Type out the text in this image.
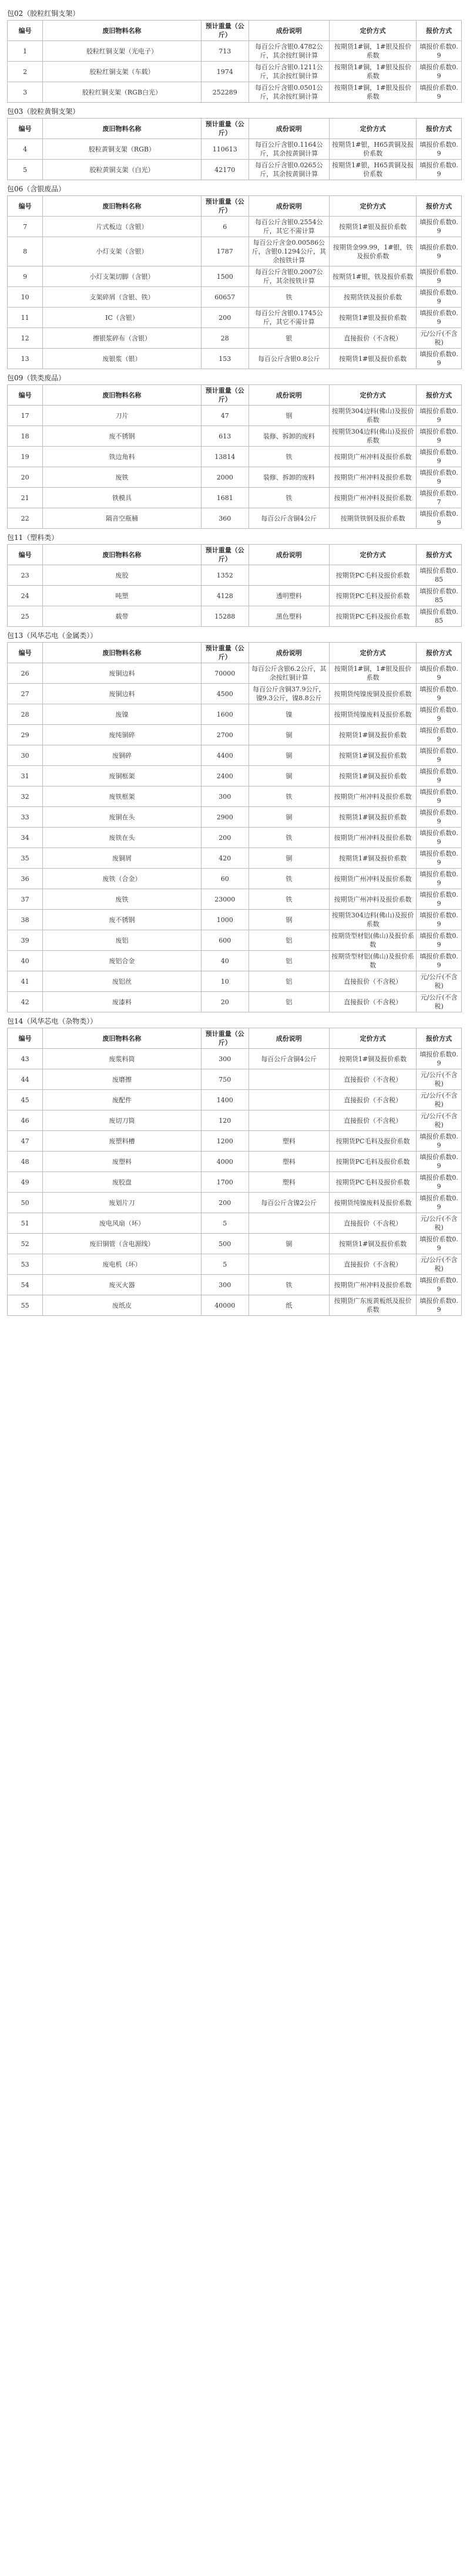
包02（胶粒红铜支架）
编号	废旧物料名称	预计重量（公斤）	成份说明	定价方式	报价方式
1	胶粒红铜支架（光电子）	713	每百公斤含银0.4782公斤，其余按红铜计算	按期货1#铜，1#银及报价系数	填报价系数0.9
2	胶粒红铜支架（车载）	1974	每百公斤含银0.1211公斤，其余按红铜计算	按期货1#铜，1#银及报价系数	填报价系数0.9
3	胶粒红铜支架（RGB白光）	252289	每百公斤含银0.0501公斤，其余按红铜计算	按期货1#铜，1#银及报价系数	填报价系数0.9
包03（胶粒黄铜支架）
编号	废旧物料名称	预计重量（公斤）	成份说明	定价方式	报价方式
4	胶粒黄铜支架（RGB）	110613	每百公斤含银0.1164公斤，其余按黄铜计算	按期货1#银，H65黄铜及报价系数	填报价系数0.9
5	胶粒黄铜支架（白光）	42170	每百公斤含银0.0265公斤，其余按黄铜计算	按期货1#银，H65黄铜及报价系数	填报价系数0.9
包06（含银废品）
编号	废旧物料名称	预计重量（公斤）	成份说明	定价方式	报价方式
7	片式板边（含银）	6	每百公斤含银0.2554公斤，其它不需计算	按期货1#银及报价系数	填报价系数0.9
8	小灯支架（含银）	1787	每百公斤含金0.00586公斤，含银0.1294公斤，其余按铁计算	按期货金99.99，1#银，铁及报价系数	填报价系数0.9
9	小灯支架切脚（含银）	1500	每百公斤含银0.2007公斤，其余按铁计算	按期货1#银，铁及报价系数	填报价系数0.9
10	支架碎屑（含银、铁）	60657	铁	按期货铁及报价系数	填报价系数0.9
11	IC（含银）	200	每百公斤含银0.1745公斤，其它不需计算	按期货1#银及报价系数	填报价系数0.9
12	擦银浆碎布（含银）	28	银	直接报价（不含税）	元/公斤(不含税)
13	废银浆（银）	153	每百公斤含银0.8公斤	按期货1#银及报价系数	填报价系数0.9
包09（铁类废品）
编号	废旧物料名称	预计重量（公斤）	成份说明	定价方式	报价方式
17	刀片	47	钢	按期货304边料(佛山)及报价系数	填报价系数0.9
18	废不锈钢	613	装修、拆卸的废料	按期货304边料(佛山)及报价系数	填报价系数0.9
19	铁边角料	13814	铁	按期货广州冲料及报价系数	填报价系数0.9
20	废铁	2000	装修、拆卸的废料	按期货广州冲料及报价系数	填报价系数0.9
21	铁模具	1681	铁	按期货广州冲料及报价系数	填报价系数0.7
22	隔音空瓶桶	360	每百公斤含铜4公斤	按期货铁钢及报价系数	填报价系数0.9
包11（塑料类）
编号	废旧物料名称	预计重量（公斤）	成份说明	定价方式	报价方式
23	废胶	1352		按期货PC毛料及报价系数	填报价系数0.85
24	吨塑	4128	透明塑料	按期货PC毛料及报价系数	填报价系数0.85
25	载带	15288	黑色塑料	按期货PC毛料及报价系数	填报价系数0.85
包13（风华芯电（金属类））
编号	废旧物料名称	预计重量（公斤）	成份说明	定价方式	报价方式
26	废铜边料	70000	每百公斤含银6.2公斤，其余按红铜计算	按期货1#铜，1#银及报价系数	填报价系数0.9
27	废铜边料	4500	每百公斤含铜37.9公斤，镍9.3公斤，镍8.8公斤	按期货纯镍废铜及报价系数	填报价系数0.9
28	废镍	1600	镍	按期货纯镍废料及报价系数	填报价系数0.9
29	废纯铜碎	2700	铜	按期货1#铜及报价系数	填报价系数0.9
30	废铜碎	4400	铜	按期货1#铜及报价系数	填报价系数0.9
31	废铜框架	2400	铜	按期货1#铜及报价系数	填报价系数0.9
32	废铁框架	300	铁	按期货广州冲料及报价系数	填报价系数0.9
33	废铜在头	2900	铜	按期货1#铜及报价系数	填报价系数0.9
34	废铁在头	200	铁	按期货广州冲料及报价系数	填报价系数0.9
35	废铜屑	420	铜	按期货1#铜及报价系数	填报价系数0.9
36	废铁（合金）	60	铁	按期货广州冲料及报价系数	填报价系数0.9
37	废铁	23000	铁	按期货广州冲料及报价系数	填报价系数0.9
38	废不锈钢	1000	钢	按期货304边料(佛山)及报价系数	填报价系数0.9
39	废铝	600	铝	按期货型材铝(佛山)及报价系数	填报价系数0.9
40	废铝合金	40	铝	按期货型材铝(佛山)及报价系数	填报价系数0.9
41	废铝丝	10	铝	直接报价（不含税）	元/公斤(不含税)
42	废漆料	20	铝	直接报价（不含税）	元/公斤(不含税)
包14（风华芯电（杂物类））
编号	废旧物料名称	预计重量（公斤）	成份说明	定价方式	报价方式
43	废浆料筒	300	每百公斤含铜4公斤	按期货1#铜及报价系数	填报价系数0.9
44	废磨擦	750		直接报价（不含税）	元/公斤(不含税)
45	废配件	1400		直接报价（不含税）	元/公斤(不含税)
46	废切刀筒	120		直接报价（不含税）	元/公斤(不含税)
47	废塑料槽	1200	塑料	按期货PC毛料及报价系数	填报价系数0.9
48	废塑料	4000	塑料	按期货PC毛料及报价系数	填报价系数0.9
49	废胶盘	1700	塑料	按期货PC毛料及报价系数	填报价系数0.9
50	废划片刀	200	每百公斤含镍2公斤	按期货纯镍废料及报价系数	填报价系数0.9
51	废电风扇（坏）	5		直接报价（不含税）	元/公斤(不含税)
52	废旧铜管（含电源线）	500	铜	按期货1#铜及报价系数	填报价系数0.9
53	废电机（坏）	5		直接报价（不含税）	元/公斤(不含税)
54	废灭火器	300	铁	按期货广州冲料及报价系数	填报价系数0.9
55	废纸皮	40000	纸	按期货广东废黄板纸及报价系数	填报价系数0.9
